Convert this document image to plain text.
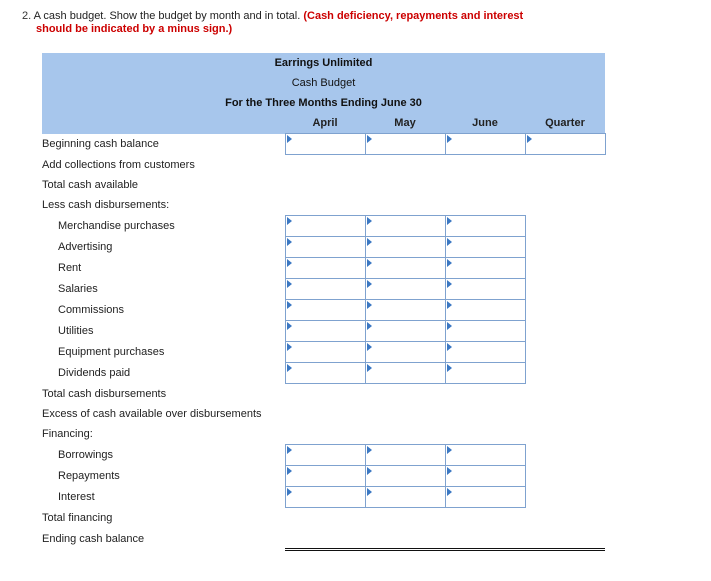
2. A cash budget. Show the budget by month and in total. (Cash deficiency, repayments and interest
should be indicated by a minus sign.)
Earrings Unlimited				
Cash Budget				
For the Three Months Ending June 30				
	April	May	June	Quarter
Beginning cash balance	

Add collections from customers				
Total cash available				
Less cash disbursements:				
Merchandise purchases	

Advertising	

Rent	

Salaries	

Commissions	

Utilities	

Equipment purchases	

Dividends paid	

Total cash disbursements				
Excess of cash available over disbursements				
Financing:				
Borrowings	

Repayments	

Interest	

Total financing				
Ending cash balance				
